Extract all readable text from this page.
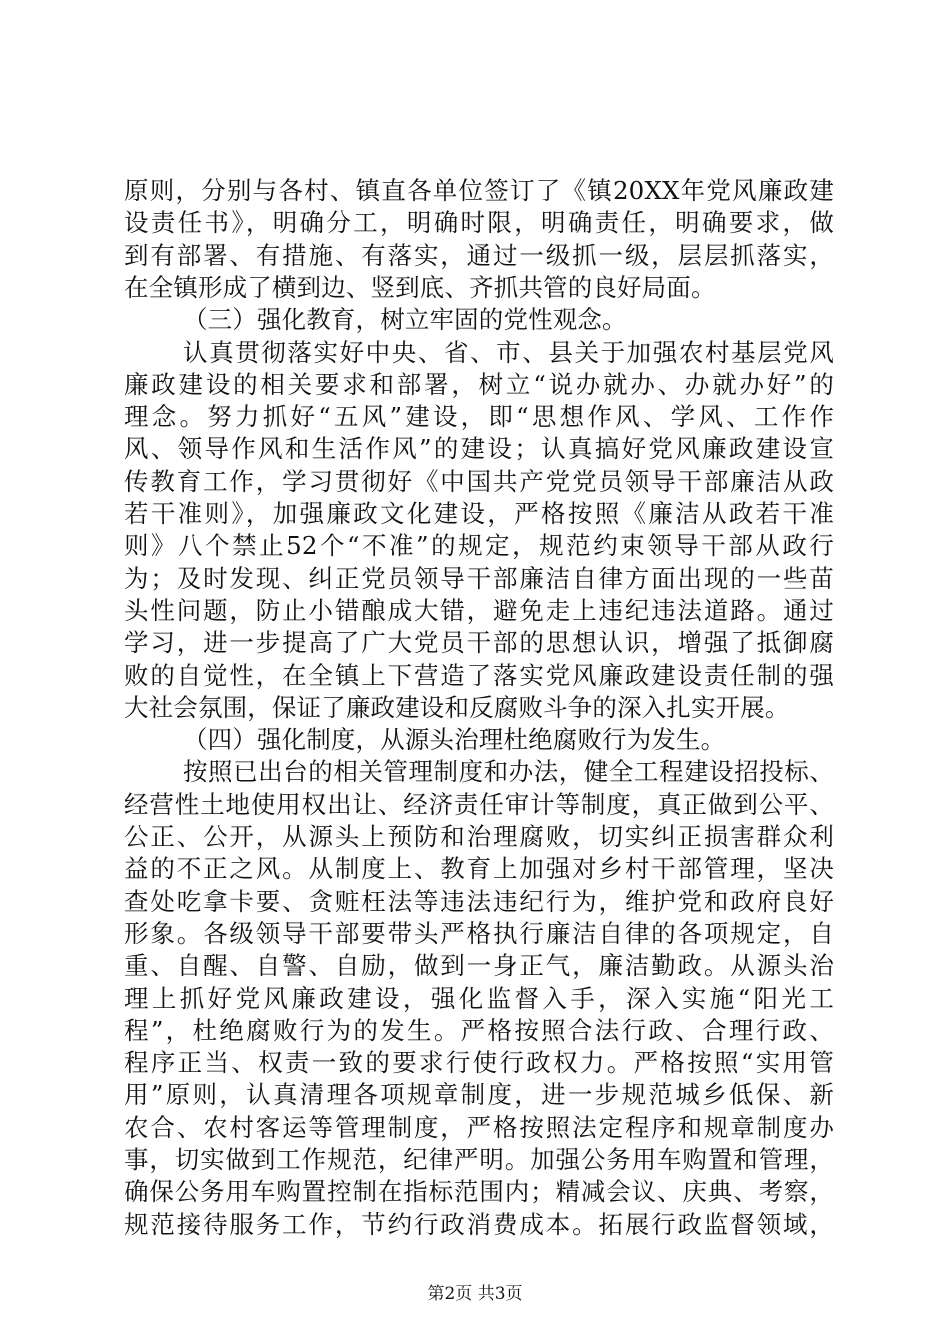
原则，分别与各村、镇直各单位签订了《镇20XX年党风廉政建
设责任书》，明确分工，明确时限，明确责任，明确要求，做
到有部署、有措施、有落实，通过一级抓一级，层层抓落实，
在全镇形成了横到边、竖到底、齐抓共管的良好局面。
（三）强化教育，树立牢固的党性观念。
认真贯彻落实好中央、省、市、县关于加强农村基层党风
廉政建设的相关要求和部署，树立“说办就办、办就办好”的
理念。努力抓好“五风”建设，即“思想作风、学风、工作作
风、领导作风和生活作风”的建设；认真搞好党风廉政建设宣
传教育工作，学习贯彻好《中国共产党党员领导干部廉洁从政
若干准则》，加强廉政文化建设，严格按照《廉洁从政若干准
则》八个禁止52个“不准”的规定，规范约束领导干部从政行
为；及时发现、纠正党员领导干部廉洁自律方面出现的一些苗
头性问题，防止小错酿成大错，避免走上违纪违法道路。通过
学习，进一步提高了广大党员干部的思想认识，增强了抵御腐
败的自觉性，在全镇上下营造了落实党风廉政建设责任制的强
大社会氛围，保证了廉政建设和反腐败斗争的深入扎实开展。
（四）强化制度，从源头治理杜绝腐败行为发生。
按照已出台的相关管理制度和办法，健全工程建设招投标、
经营性土地使用权出让、经济责任审计等制度，真正做到公平、
公正、公开，从源头上预防和治理腐败，切实纠正损害群众利
益的不正之风。从制度上、教育上加强对乡村干部管理，坚决
查处吃拿卡要、贪赃枉法等违法违纪行为，维护党和政府良好
形象。各级领导干部要带头严格执行廉洁自律的各项规定，自
重、自醒、自警、自励，做到一身正气，廉洁勤政。从源头治
理上抓好党风廉政建设，强化监督入手，深入实施“阳光工
程”，杜绝腐败行为的发生。严格按照合法行政、合理行政、
程序正当、权责一致的要求行使行政权力。严格按照“实用管
用”原则，认真清理各项规章制度，进一步规范城乡低保、新
农合、农村客运等管理制度，严格按照法定程序和规章制度办
事，切实做到工作规范，纪律严明。加强公务用车购置和管理，
确保公务用车购置控制在指标范围内；精减会议、庆典、考察，
规范接待服务工作，节约行政消费成本。拓展行政监督领域，
第2页 共3页
